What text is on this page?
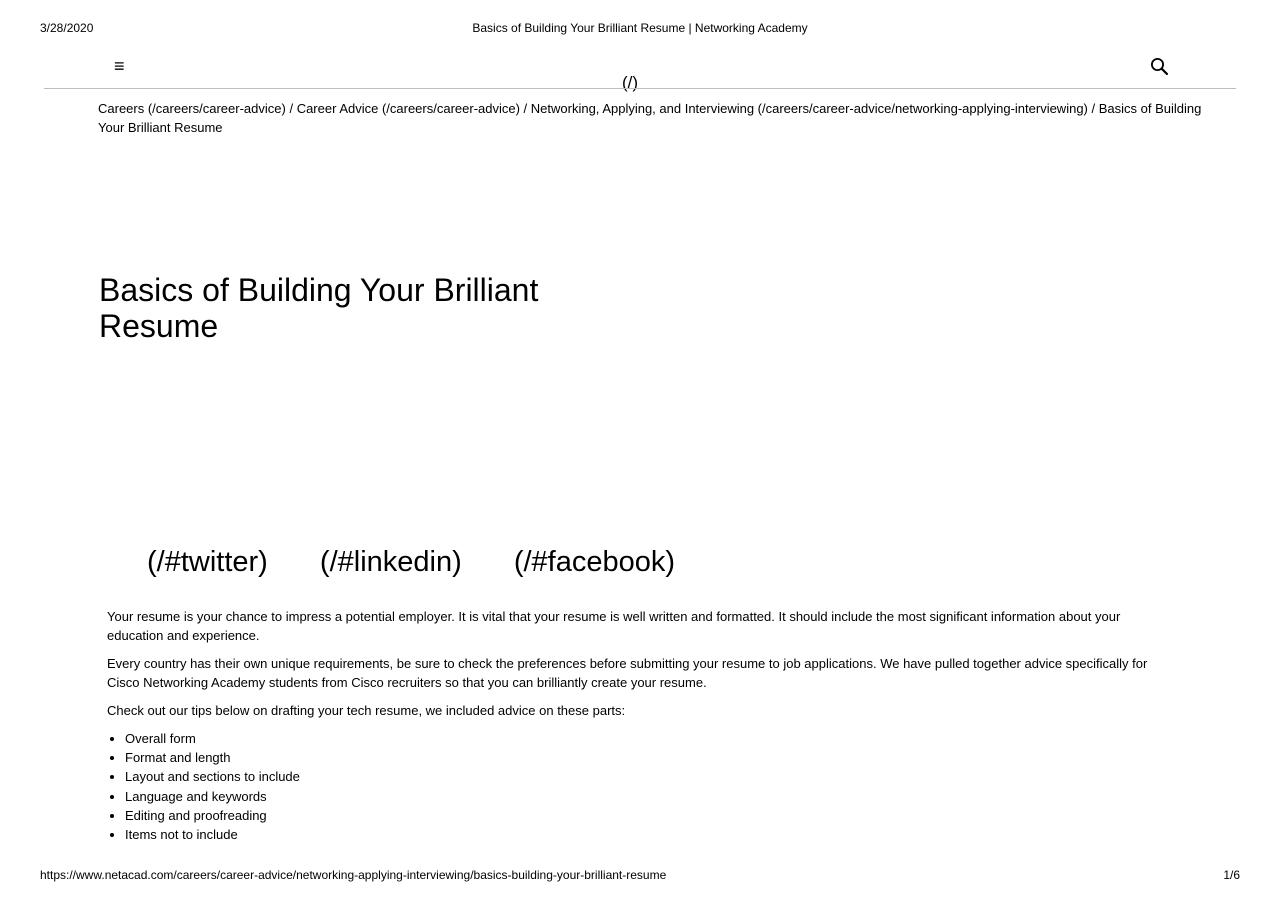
3/28/2020	Basics of Building Your Brilliant Resume | Networking Academy
≡
(/)
Careers (/careers/career-advice) / Career Advice (/careers/career-advice) / Networking, Applying, and Interviewing (/careers/career-advice/networking-applying-interviewing) / Basics of Building Your Brilliant Resume
Basics of Building Your Brilliant Resume
(/#twitter) (/#linkedin) (/#facebook)

Your resume is your chance to impress a potential employer. It is vital that your resume is well written and formatted. It should include the most significant information about your education and experience.

Every country has their own unique requirements, be sure to check the preferences before submitting your resume to job applications. We have pulled together advice specifically for Cisco Networking Academy students from Cisco recruiters so that you can brilliantly create your resume.

Check out our tips below on drafting your tech resume, we included advice on these parts:

• Overall form
• Format and length
• Layout and sections to include
• Language and keywords
• Editing and proofreading
• Items not to include
https://www.netacad.com/careers/career-advice/networking-applying-interviewing/basics-building-your-brilliant-resume	1/6
